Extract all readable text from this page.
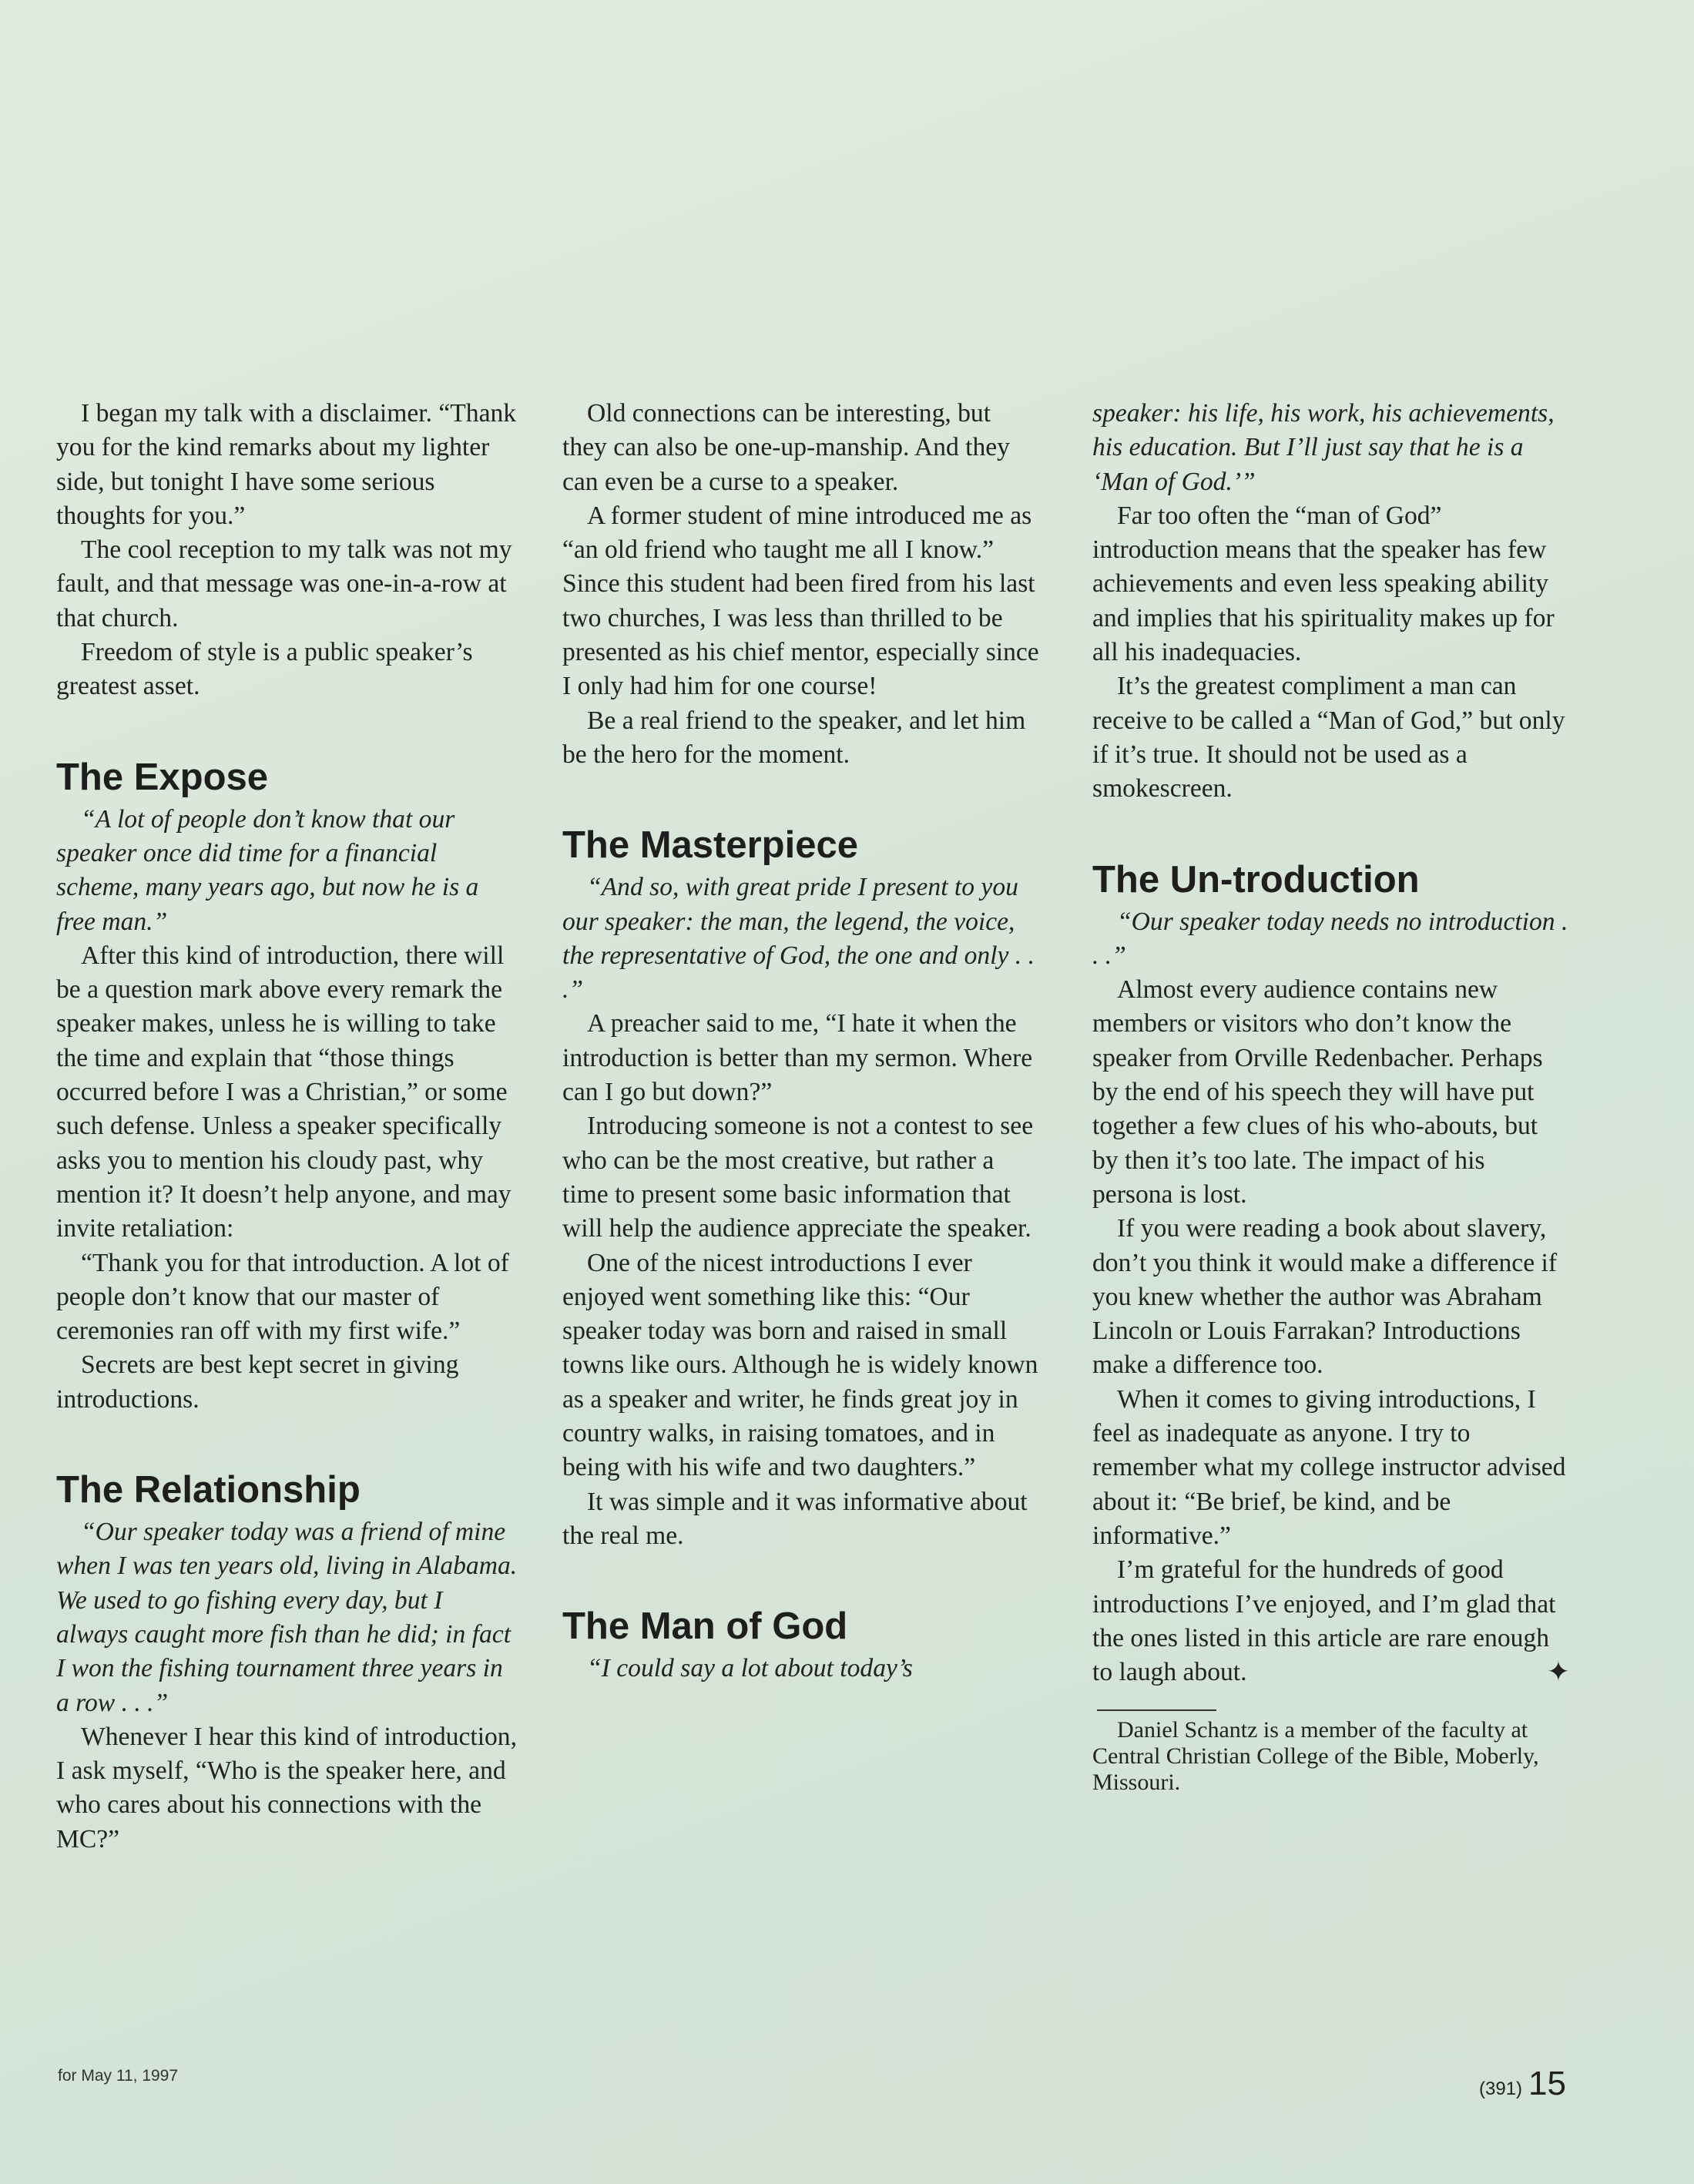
I began my talk with a disclaimer. “Thank you for the kind remarks about my lighter side, but tonight I have some serious thoughts for you.”

The cool reception to my talk was not my fault, and that message was one-in-a-row at that church.

Freedom of style is a public speaker’s greatest asset.

The Expose

“A lot of people don’t know that our speaker once did time for a financial scheme, many years ago, but now he is a free man.”

After this kind of introduction, there will be a question mark above every remark the speaker makes, unless he is willing to take the time and explain that “those things occurred before I was a Christian,” or some such defense. Unless a speaker specifically asks you to mention his cloudy past, why mention it? It doesn’t help anyone, and may invite retaliation:

“Thank you for that introduction. A lot of people don’t know that our master of ceremonies ran off with my first wife.”

Secrets are best kept secret in giving introductions.

The Relationship

“Our speaker today was a friend of mine when I was ten years old, living in Alabama. We used to go fishing every day, but I always caught more fish than he did; in fact I won the fishing tournament three years in a row . . .”

Whenever I hear this kind of introduction, I ask myself, “Who is the speaker here, and who cares about his connections with the MC?”

Old connections can be interesting, but they can also be one-up-manship. And they can even be a curse to a speaker.

A former student of mine introduced me as “an old friend who taught me all I know.” Since this student had been fired from his last two churches, I was less than thrilled to be presented as his chief mentor, especially since I only had him for one course!

Be a real friend to the speaker, and let him be the hero for the moment.

The Masterpiece

“And so, with great pride I present to you our speaker: the man, the legend, the voice, the representative of God, the one and only . . .”

A preacher said to me, “I hate it when the introduction is better than my sermon. Where can I go but down?”

Introducing someone is not a contest to see who can be the most creative, but rather a time to present some basic information that will help the audience appreciate the speaker.

One of the nicest introductions I ever enjoyed went something like this: “Our speaker today was born and raised in small towns like ours. Although he is widely known as a speaker and writer, he finds great joy in country walks, in raising tomatoes, and in being with his wife and two daughters.”

It was simple and it was informative about the real me.

The Man of God

“I could say a lot about today’s

speaker: his life, his work, his achievements, his education. But I’ll just say that he is a ‘Man of God.’”

Far too often the “man of God” introduction means that the speaker has few achievements and even less speaking ability and implies that his spirituality makes up for all his inadequacies.

It’s the greatest compliment a man can receive to be called a “Man of God,” but only if it’s true. It should not be used as a smokescreen.

The Un-troduction

“Our speaker today needs no introduction . . .”

Almost every audience contains new members or visitors who don’t know the speaker from Orville Redenbacher. Perhaps by the end of his speech they will have put together a few clues of his who-abouts, but by then it’s too late. The impact of his persona is lost.

If you were reading a book about slavery, don’t you think it would make a difference if you knew whether the author was Abraham Lincoln or Louis Farrakan? Introductions make a difference too.

When it comes to giving introductions, I feel as inadequate as anyone. I try to remember what my college instructor advised about it: “Be brief, be kind, and be informative.”

I’m grateful for the hundreds of good introductions I’ve enjoyed, and I’m glad that the ones listed in this article are rare enough to laugh about.	✦

Daniel Schantz is a member of the faculty at Central Christian College of the Bible, Moberly, Missouri.

for May 11, 1997
(391) 15
